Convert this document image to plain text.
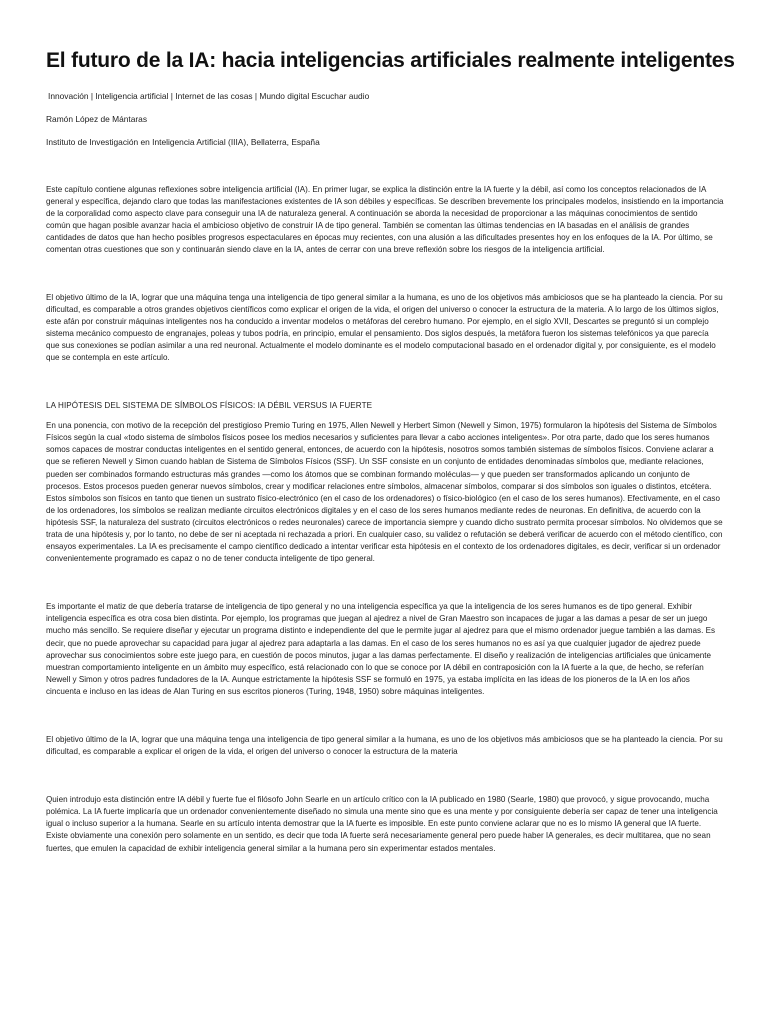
El futuro de la IA: hacia inteligencias artificiales realmente inteligentes

Innovación | Inteligencia artificial | Internet de las cosas | Mundo digital Escuchar audio

Ramón López de Mántaras

Instituto de Investigación en Inteligencia Artificial (IIIA), Bellaterra, España

Este capítulo contiene algunas reflexiones sobre inteligencia artificial (IA). En primer lugar, se explica la distinción entre la IA fuerte y la débil, así como los conceptos relacionados de IA general y específica, dejando claro que todas las manifestaciones existentes de IA son débiles y específicas. Se describen brevemente los principales modelos, insistiendo en la importancia de la corporalidad como aspecto clave para conseguir una IA de naturaleza general. A continuación se aborda la necesidad de proporcionar a las máquinas conocimientos de sentido común que hagan posible avanzar hacia el ambicioso objetivo de construir IA de tipo general. También se comentan las últimas tendencias en IA basadas en el análisis de grandes cantidades de datos que han hecho posibles progresos espectaculares en épocas muy recientes, con una alusión a las dificultades presentes hoy en los enfoques de la IA. Por último, se comentan otras cuestiones que son y continuarán siendo clave en la IA, antes de cerrar con una breve reflexión sobre los riesgos de la inteligencia artificial.

El objetivo último de la IA, lograr que una máquina tenga una inteligencia de tipo general similar a la humana, es uno de los objetivos más ambiciosos que se ha planteado la ciencia. Por su dificultad, es comparable a otros grandes objetivos científicos como explicar el origen de la vida, el origen del universo o conocer la estructura de la materia. A lo largo de los últimos siglos, este afán por construir máquinas inteligentes nos ha conducido a inventar modelos o metáforas del cerebro humano. Por ejemplo, en el siglo XVII, Descartes se preguntó si un complejo sistema mecánico compuesto de engranajes, poleas y tubos podría, en principio, emular el pensamiento. Dos siglos después, la metáfora fueron los sistemas telefónicos ya que parecía que sus conexiones se podían asimilar a una red neuronal. Actualmente el modelo dominante es el modelo computacional basado en el ordenador digital y, por consiguiente, es el modelo que se contempla en este artículo.

LA HIPÓTESIS DEL SISTEMA DE SÍMBOLOS FÍSICOS: IA DÉBIL VERSUS IA FUERTE

En una ponencia, con motivo de la recepción del prestigioso Premio Turing en 1975, Allen Newell y Herbert Simon (Newell y Simon, 1975) formularon la hipótesis del Sistema de Símbolos Físicos según la cual «todo sistema de símbolos físicos posee los medios necesarios y suficientes para llevar a cabo acciones inteligentes». Por otra parte, dado que los seres humanos somos capaces de mostrar conductas inteligentes en el sentido general, entonces, de acuerdo con la hipótesis, nosotros somos también sistemas de símbolos físicos. Conviene aclarar a que se refieren Newell y Simon cuando hablan de Sistema de Símbolos Físicos (SSF). Un SSF consiste en un conjunto de entidades denominadas símbolos que, mediante relaciones, pueden ser combinados formando estructuras más grandes —como los átomos que se combinan formando moléculas— y que pueden ser transformados aplicando un conjunto de procesos. Estos procesos pueden generar nuevos símbolos, crear y modificar relaciones entre símbolos, almacenar símbolos, comparar si dos símbolos son iguales o distintos, etcétera. Estos símbolos son físicos en tanto que tienen un sustrato físico-electrónico (en el caso de los ordenadores) o físico-biológico (en el caso de los seres humanos). Efectivamente, en el caso de los ordenadores, los símbolos se realizan mediante circuitos electrónicos digitales y en el caso de los seres humanos mediante redes de neuronas. En definitiva, de acuerdo con la hipótesis SSF, la naturaleza del sustrato (circuitos electrónicos o redes neuronales) carece de importancia siempre y cuando dicho sustrato permita procesar símbolos. No olvidemos que se trata de una hipótesis y, por lo tanto, no debe de ser ni aceptada ni rechazada a priori. En cualquier caso, su validez o refutación se deberá verificar de acuerdo con el método científico, con ensayos experimentales. La IA es precisamente el campo científico dedicado a intentar verificar esta hipótesis en el contexto de los ordenadores digitales, es decir, verificar si un ordenador convenientemente programado es capaz o no de tener conducta inteligente de tipo general.

Es importante el matiz de que debería tratarse de inteligencia de tipo general y no una inteligencia específica ya que la inteligencia de los seres humanos es de tipo general. Exhibir inteligencia específica es otra cosa bien distinta. Por ejemplo, los programas que juegan al ajedrez a nivel de Gran Maestro son incapaces de jugar a las damas a pesar de ser un juego mucho más sencillo. Se requiere diseñar y ejecutar un programa distinto e independiente del que le permite jugar al ajedrez para que el mismo ordenador juegue también a las damas. Es decir, que no puede aprovechar su capacidad para jugar al ajedrez para adaptarla a las damas. En el caso de los seres humanos no es así ya que cualquier jugador de ajedrez puede aprovechar sus conocimientos sobre este juego para, en cuestión de pocos minutos, jugar a las damas perfectamente. El diseño y realización de inteligencias artificiales que únicamente muestran comportamiento inteligente en un ámbito muy específico, está relacionado con lo que se conoce por IA débil en contraposición con la IA fuerte a la que, de hecho, se referían Newell y Simon y otros padres fundadores de la IA. Aunque estrictamente la hipótesis SSF se formuló en 1975, ya estaba implícita en las ideas de los pioneros de la IA en los años cincuenta e incluso en las ideas de Alan Turing en sus escritos pioneros (Turing, 1948, 1950) sobre máquinas inteligentes.

El objetivo último de la IA, lograr que una máquina tenga una inteligencia de tipo general similar a la humana, es uno de los objetivos más ambiciosos que se ha planteado la ciencia. Por su dificultad, es comparable a explicar el origen de la vida, el origen del universo o conocer la estructura de la materia

Quien introdujo esta distinción entre IA débil y fuerte fue el filósofo John Searle en un artículo crítico con la IA publicado en 1980 (Searle, 1980) que provocó, y sigue provocando, mucha polémica. La IA fuerte implicaría que un ordenador convenientemente diseñado no simula una mente sino que es una mente y por consiguiente debería ser capaz de tener una inteligencia igual o incluso superior a la humana. Searle en su artículo intenta demostrar que la IA fuerte es imposible. En este punto conviene aclarar que no es lo mismo IA general que IA fuerte. Existe obviamente una conexión pero solamente en un sentido, es decir que toda IA fuerte será necesariamente general pero puede haber IA generales, es decir multitarea, que no sean fuertes, que emulen la capacidad de exhibir inteligencia general similar a la humana pero sin experimentar estados mentales.
